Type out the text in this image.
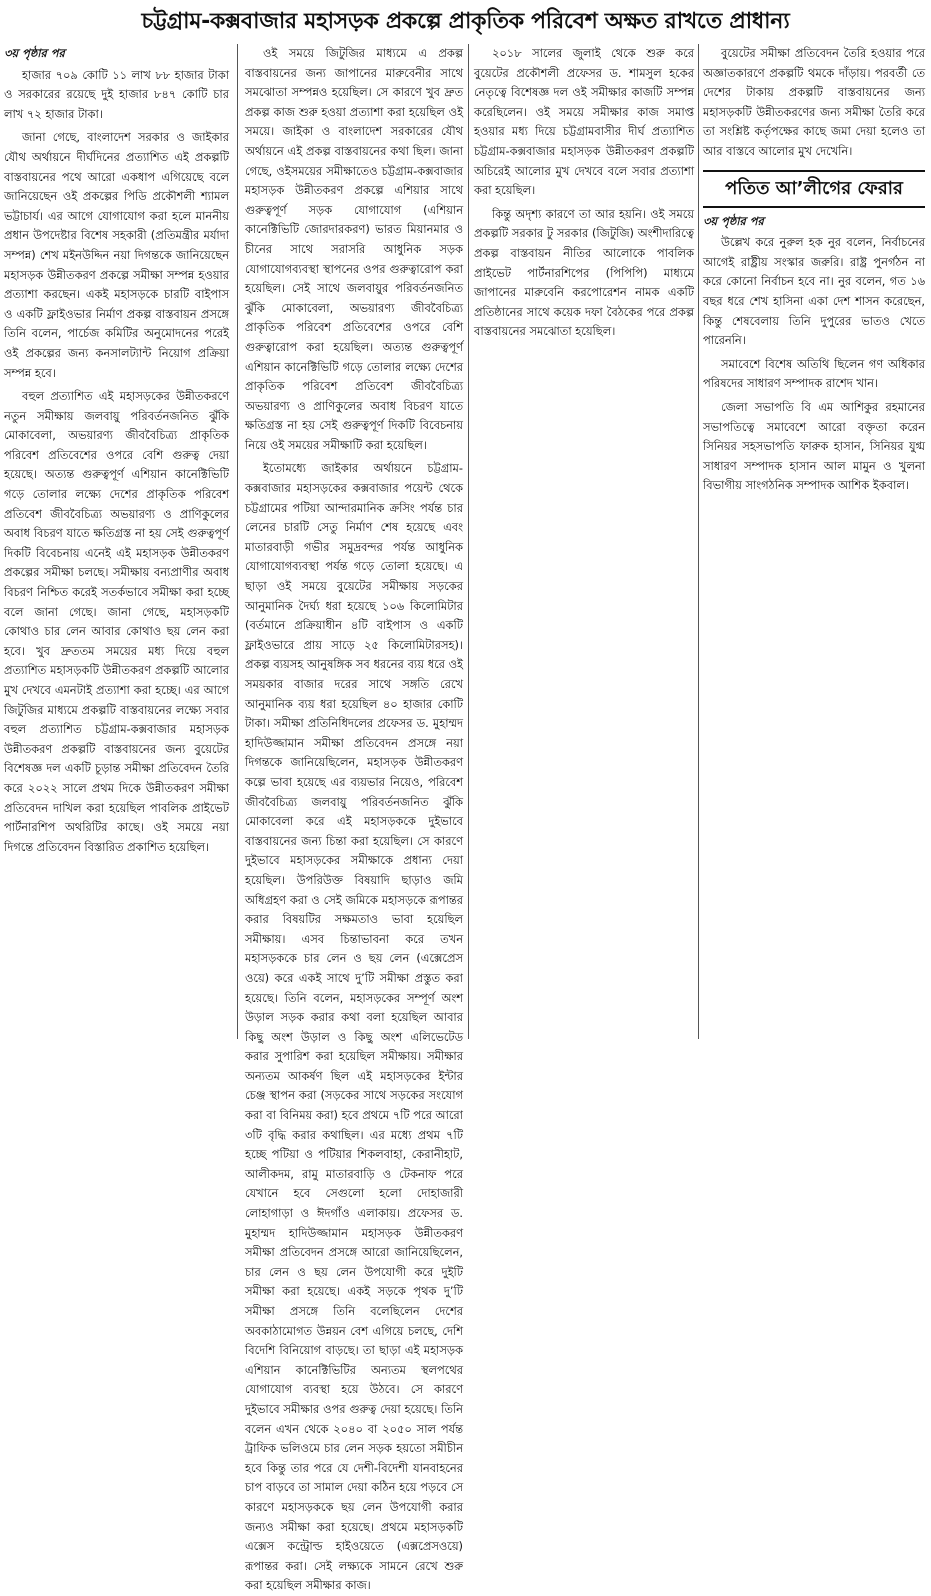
চট্টগ্রাম-কক্সবাজার মহাসড়ক প্রকল্পে প্রাকৃতিক পরিবেশ অক্ষত রাখতে প্রাধান্য
৩য় পৃষ্ঠার পর

হাজার ৭০৯ কোটি ১১ লাখ ৮৮ হাজার টাকা ও সরকারের রয়েছে দুই হাজার ৮৪৭ কোটি চার লাখ ৭২ হাজার টাকা।

জানা গেছে, বাংলাদেশ সরকার ও জাইকার যৌথ অর্থায়নে দীর্ঘদিনের প্রত্যাশিত এই প্রকল্পটি বাস্তবায়নের পথে আরো একধাপ এগিয়েছে বলে জানিয়েছেন ওই প্রকল্পের পিডি প্রকৌশলী শ্যামল ভট্টাচার্য। এর আগে যোগাযোগ করা হলে মাননীয় প্রধান উপদেষ্টার বিশেষ সহকারী (প্রতিমন্ত্রীর মর্যাদা সম্পন্ন) শেখ মইনউদ্দিন নয়া দিগন্তকে জানিয়েছেন মহাসড়ক উন্নীতকরণ প্রকল্পে সমীক্ষা সম্পন্ন হওয়ার প্রত্যাশা করছেন। একই মহাসড়কে চারটি বাইপাস ও একটি ফ্লাইওভার নির্মাণ প্রকল্প বাস্তবায়ন প্রসঙ্গে তিনি বলেন, পার্চেজ কমিটির অনুমোদনের পরেই ওই প্রকল্পের জন্য কনসালট্যান্ট নিয়োগ প্রক্রিয়া সম্পন্ন হবে।

বহুল প্রত্যাশিত এই মহাসড়কের উন্নীতকরণে নতুন সমীক্ষায় জলবায়ু পরিবর্তনজনিত ঝুঁকি মোকাবেলা, অভয়ারণ্য জীববৈচিত্র্য প্রাকৃতিক পরিবেশ প্রতিবেশের ওপরে বেশি গুরুত্ব দেয়া হয়েছে। অত্যন্ত গুরুত্বপূর্ণ এশিয়ান কানেক্টিভিটি গড়ে তোলার লক্ষ্যে দেশের প্রাকৃতিক পরিবেশ প্রতিবেশ জীববৈচিত্র্য অভয়ারণ্য ও প্রাণিকুলের অবাধ বিচরণ যাতে ক্ষতিগ্রস্ত না হয় সেই গুরুত্বপূর্ণ দিকটি বিবেচনায় এনেই এই মহাসড়ক উন্নীতকরণ প্রকল্পের সমীক্ষা চলছে। সমীক্ষায় বন্যপ্রাণীর অবাধ বিচরণ নিশ্চিত করেই সতর্কভাবে সমীক্ষা করা হচ্ছে বলে জানা গেছে। জানা গেছে, মহাসড়কটি কোথাও চার লেন আবার কোথাও ছয় লেন করা হবে। খুব দ্রুততম সময়ের মধ্য দিয়ে বহুল প্রত্যাশিত মহাসড়কটি উন্নীতকরণ প্রকল্পটি আলোর মুখ দেখবে এমনটাই প্রত্যাশা করা হচ্ছে। এর আগে জিটুজির মাধ্যমে প্রকল্পটি বাস্তবায়নের লক্ষ্যে সবার বহুল প্রত্যাশিত চট্টগ্রাম-কক্সবাজার মহাসড়ক উন্নীতকরণ প্রকল্পটি বাস্তবায়নের জন্য বুয়েটের বিশেষজ্ঞ দল একটি চূড়ান্ত সমীক্ষা প্রতিবেদন তৈরি করে ২০২২ সালে প্রথম দিকে উন্নীতকরণ সমীক্ষা প্রতিবেদন দাখিল করা হয়েছিল পাবলিক প্রাইভেট পার্টনারশিপ অথরিটির কাছে। ওই সময়ে নয়া দিগন্তে প্রতিবেদন বিস্তারিত প্রকাশিত হয়েছিল।

ওই সময়ে জিটুজির মাধ্যমে এ প্রকল্প বাস্তবায়নের জন্য জাপানের মারুবেনীর সাথে সমঝোতা সম্পন্নও হয়েছিল। সে কারণে খুব দ্রুত প্রকল্প কাজ শুরু হওয়া প্রত্যাশা করা হয়েছিল ওই সময়ে। জাইকা ও বাংলাদেশ সরকারের যৌথ অর্থায়নে এই প্রকল্প বাস্তবায়নের কথা ছিল। জানা গেছে, ওইসময়ের সমীক্ষাতেও চট্টগ্রাম-কক্সবাজার মহাসড়ক উন্নীতকরণ প্রকল্পে এশিয়ার সাথে গুরুত্বপূর্ণ সড়ক যোগাযোগ (এশিয়ান কানেক্টিভিটি জোরদারকরণ) ভারত মিয়ানমার ও চীনের সাথে সরাসরি আধুনিক সড়ক যোগাযোগব্যবস্থা স্থাপনের ওপর গুরুত্বারোপ করা হয়েছিল। সেই সাথে জলবায়ুর পরিবর্তনজনিত ঝুঁকি মোকাবেলা, অভয়ারণ্য জীববৈচিত্র্য প্রাকৃতিক পরিবেশ প্রতিবেশের ওপরে বেশি গুরুত্বারোপ করা হয়েছিল। অত্যন্ত গুরুত্বপূর্ণ এশিয়ান কানেক্টিভিটি গড়ে তোলার লক্ষ্যে দেশের প্রাকৃতিক পরিবেশ প্রতিবেশ জীববৈচিত্র্য অভয়ারণ্য ও প্রাণিকুলের অবাধ বিচরণ যাতে ক্ষতিগ্রস্ত না হয় সেই গুরুত্বপূর্ণ দিকটি বিবেচনায় নিয়ে ওই সময়ের সমীক্ষাটি করা হয়েছিল।

ইতোমধ্যে জাইকার অর্থায়নে চট্টগ্রাম-কক্সবাজার মহাসড়কের কক্সবাজার পয়েন্ট থেকে চট্টগ্রামের পটিয়া আন্দারমানিক ক্রসিং পর্যন্ত চার লেনের চারটি সেতু নির্মাণ শেষ হয়েছে এবং মাতারবাড়ী গভীর সমুদ্রবন্দর পর্যন্ত আধুনিক যোগাযোগব্যবস্থা পর্যন্ত গড়ে তোলা হয়েছে। এ ছাড়া ওই সময়ে বুয়েটের সমীক্ষায় সড়কের আনুমানিক দৈর্ঘ্য ধরা হয়েছে ১০৬ কিলোমিটার (বর্তমানে প্রক্রিয়াধীন ৪টি বাইপাস ও একটি ফ্লাইওভারে প্রায় সাড়ে ২৫ কিলোমিটারসহ)। প্রকল্প ব্যয়সহ আনুষঙ্গিক সব ধরনের ব্যয় ধরে ওই সময়কার বাজার দরের সাথে সঙ্গতি রেখে আনুমানিক ব্যয় ধরা হয়েছিল ৪০ হাজার কোটি টাকা। সমীক্ষা প্রতিনিধিদলের প্রফেসর ড. মুহাম্মদ হাদিউজ্জামান সমীক্ষা প্রতিবেদন প্রসঙ্গে নয়া দিগন্তকে জানিয়েছিলেন, মহাসড়ক উন্নীতকরণ কল্পে ভাবা হয়েছে এর ব্যয়ভার নিয়েও, পরিবেশ জীববৈচিত্র্য জলবায়ু পরিবর্তনজনিত ঝুঁকি মোকাবেলা করে এই মহাসড়ককে দুইভাবে বাস্তবায়নের জন্য চিন্তা করা হয়েছিল। সে কারণে দুইভাবে মহাসড়কের সমীক্ষাকে প্রধান্য দেয়া হয়েছিল। উপরিউক্ত বিষয়াদি ছাড়াও জমি অধিগ্রহণ করা ও সেই জমিকে মহাসড়কে রূপান্তর করার বিষয়টির সক্ষমতাও ভাবা হয়েছিল সমীক্ষায়। এসব চিন্তাভাবনা করে তখন মহাসড়ককে চার লেন ও ছয় লেন (এক্সেপ্রেস ওয়ে) করে একই সাথে দু’টি সমীক্ষা প্রস্তুত করা হয়েছে। তিনি বলেন, মহাসড়কের সম্পূর্ণ অংশ উড়াল সড়ক করার কথা বলা হয়েছিল আবার কিছু অংশ উড়াল ও কিছু অংশ এলিভেটেড করার সুপারিশ করা হয়েছিল সমীক্ষায়। সমীক্ষার অন্যতম আকর্ষণ ছিল এই মহাসড়কের ইন্টার চেঞ্জ স্থাপন করা (সড়কের সাথে সড়কের সংযোগ করা বা বিনিময় করা) হবে প্রথমে ৭টি পরে আরো ৩টি বৃদ্ধি করার কথাছিল। এর মধ্যে প্রথম ৭টি হচ্ছে পটিয়া ও পটিয়ার শিকলবাহা, কেরানীহাট, আলীকদম, রামু মাতারবাড়ি ও টেকনাফ পরে যেখানে হবে সেগুলো হলো দোহাজারী লোহাগাড়া ও ঈদগাঁও এলাকায়। প্রফেসর ড. মুহাম্মদ হাদিউজ্জামান মহাসড়ক উন্নীতকরণ সমীক্ষা প্রতিবেদন প্রসঙ্গে আরো জানিয়েছিলেন, চার লেন ও ছয় লেন উপযোগী করে দুইটি সমীক্ষা করা হয়েছে। একই সড়কে পৃথক দু’টি সমীক্ষা প্রসঙ্গে তিনি বলেছিলেন দেশের অবকাঠামোগত উন্নয়ন বেশ এগিয়ে চলছে, দেশি বিদেশি বিনিয়োগ বাড়ছে। তা ছাড়া এই মহাসড়ক এশিয়ান কানেক্টিভিটির অন্যতম স্থলপথের যোগাযোগ ব্যবস্থা হয়ে উঠবে। সে কারণে দুইভাবে সমীক্ষার ওপর গুরুত্ব দেয়া হয়েছে। তিনি বলেন এখন থেকে ২০৪০ বা ২০৫০ সাল পর্যন্ত ট্রাফিক ভলিওমে চার লেন সড়ক হয়তো সমীচীন হবে কিন্তু তার পরে যে দেশী-বিদেশী যানবাহনের চাপ বাড়বে তা সামাল দেয়া কঠিন হয়ে পড়বে সে কারণে মহাসড়ককে ছয় লেন উপযোগী করার জন্যও সমীক্ষা করা হয়েছে। প্রথমে মহাসড়কটি এক্সেস কন্ট্রোল্ড হাইওয়েতে (এক্সপ্রেসওয়ে) রূপান্তর করা। সেই লক্ষ্যকে সামনে রেখে শুরু করা হয়েছিল সমীক্ষার কাজ।

২০১৮ সালের জুলাই থেকে শুরু করে বুয়েটের প্রকৌশলী প্রফেসর ড. শামসুল হকের নেতৃত্বে বিশেষজ্ঞ দল ওই সমীক্ষার কাজটি সম্পন্ন করেছিলেন। ওই সময়ে সমীক্ষার কাজ সমাপ্ত হওয়ার মধ্য দিয়ে চট্টগ্রামবাসীর দীর্ঘ প্রত্যাশিত চট্টগ্রাম-কক্সবাজার মহাসড়ক উন্নীতকরণ প্রকল্পটি অচিরেই আলোর মুখ দেখবে বলে সবার প্রত্যাশা করা হয়েছিল।

কিন্তু অদৃশ্য কারণে তা আর হয়নি। ওই সময়ে প্রকল্পটি সরকার টু সরকার (জিটুজি) অংশীদারিত্বে প্রকল্প বাস্তবায়ন নীতির আলোকে পাবলিক প্রাইভেট পার্টনারশিপের (পিপিপি) মাধ্যমে জাপানের মারুবেনি করপোরেশন নামক একটি প্রতিষ্ঠানের সাথে কয়েক দফা বৈঠকের পরে প্রকল্প বাস্তবায়নের সমঝোতা হয়েছিল।

বুয়েটের সমীক্ষা প্রতিবেদন তৈরি হওয়ার পরে অজ্ঞাতকারণে প্রকল্পটি থমকে দাঁড়ায়। পরবর্তী তে দেশের টাকায় প্রকল্পটি বাস্তবায়নের জন্য মহাসড়কটি উন্নীতকরণের জন্য সমীক্ষা তৈরি করে তা সংশ্লিষ্ট কর্তৃপক্ষের কাছে জমা দেয়া হলেও তা আর বাস্তবে আলোর মুখ দেখেনি।

পতিত আ’লীগের ফেরার
৩য় পৃষ্ঠার পর

উল্লেখ করে নুরুল হক নুর বলেন, নির্বাচনের আগেই রাষ্ট্রীয় সংস্কার জরুরি। রাষ্ট্র পুনর্গঠন না করে কোনো নির্বাচন হবে না। নুর বলেন, গত ১৬ বছর ধরে শেখ হাসিনা একা দেশ শাসন করেছেন, কিন্তু শেষবেলায় তিনি দুপুরের ভাতও খেতে পারেননি।

সমাবেশে বিশেষ অতিথি ছিলেন গণ অধিকার পরিষদের সাধারণ সম্পাদক রাশেদ খান।

জেলা সভাপতি বি এম আশিকুর রহমানের সভাপতিত্বে সমাবেশে আরো বক্তৃতা করেন সিনিয়র সহসভাপতি ফারুক হাসান, সিনিয়র যুগ্ম সাধারণ সম্পাদক হাসান আল মামুন ও খুলনা বিভাগীয় সাংগঠনিক সম্পাদক আশিক ইকবাল।
